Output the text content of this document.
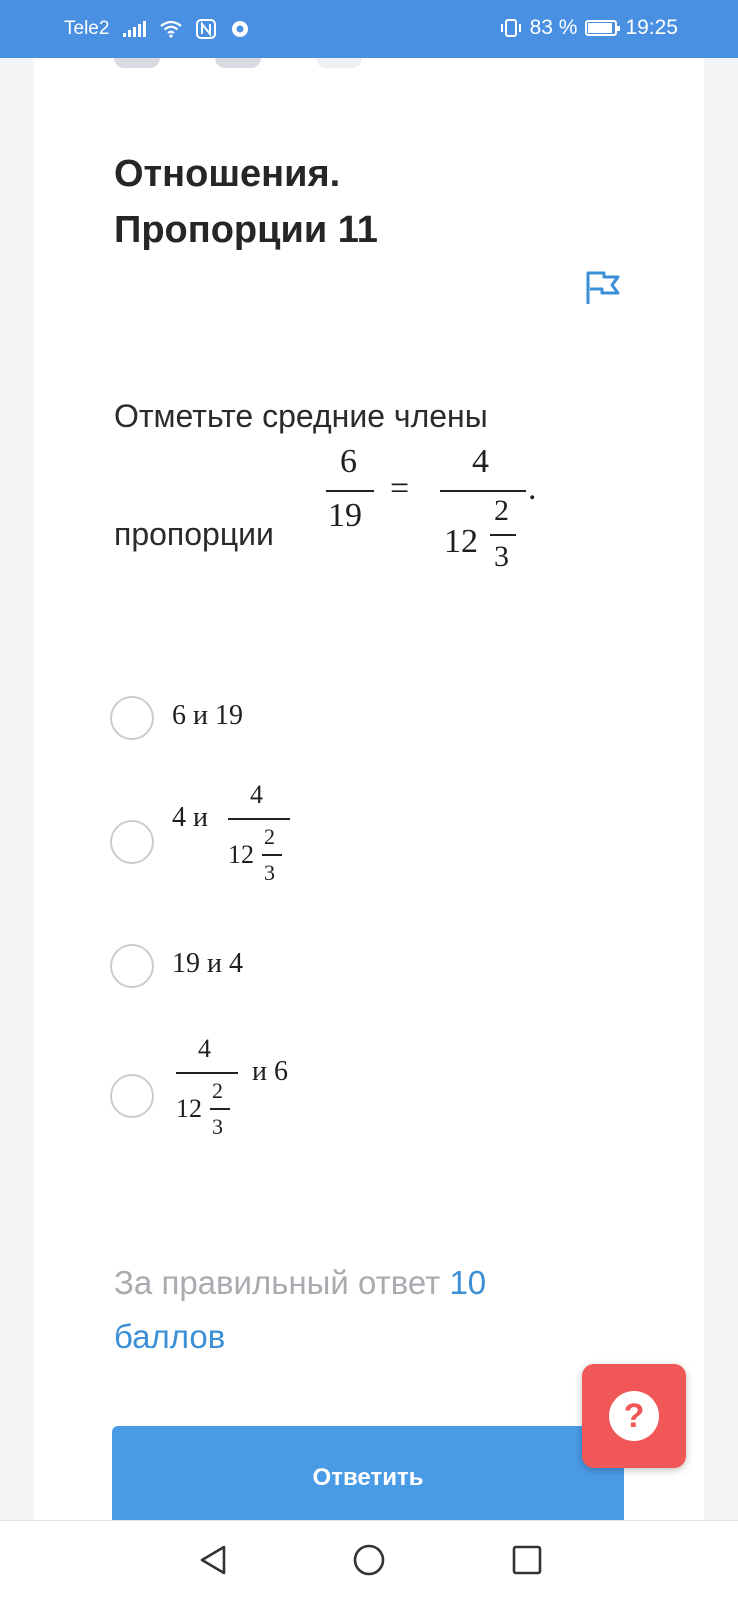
Tele2	83 % 19:25
Отношения.
Пропорции 11
Отметьте средние члены
пропорции
6
19
=
4
12
2
3
.
6 и 19
4 и
4
12
2
3
19 и 4
4
12
2
3
и 6
За правильный ответ 10
баллов
Ответить
?
